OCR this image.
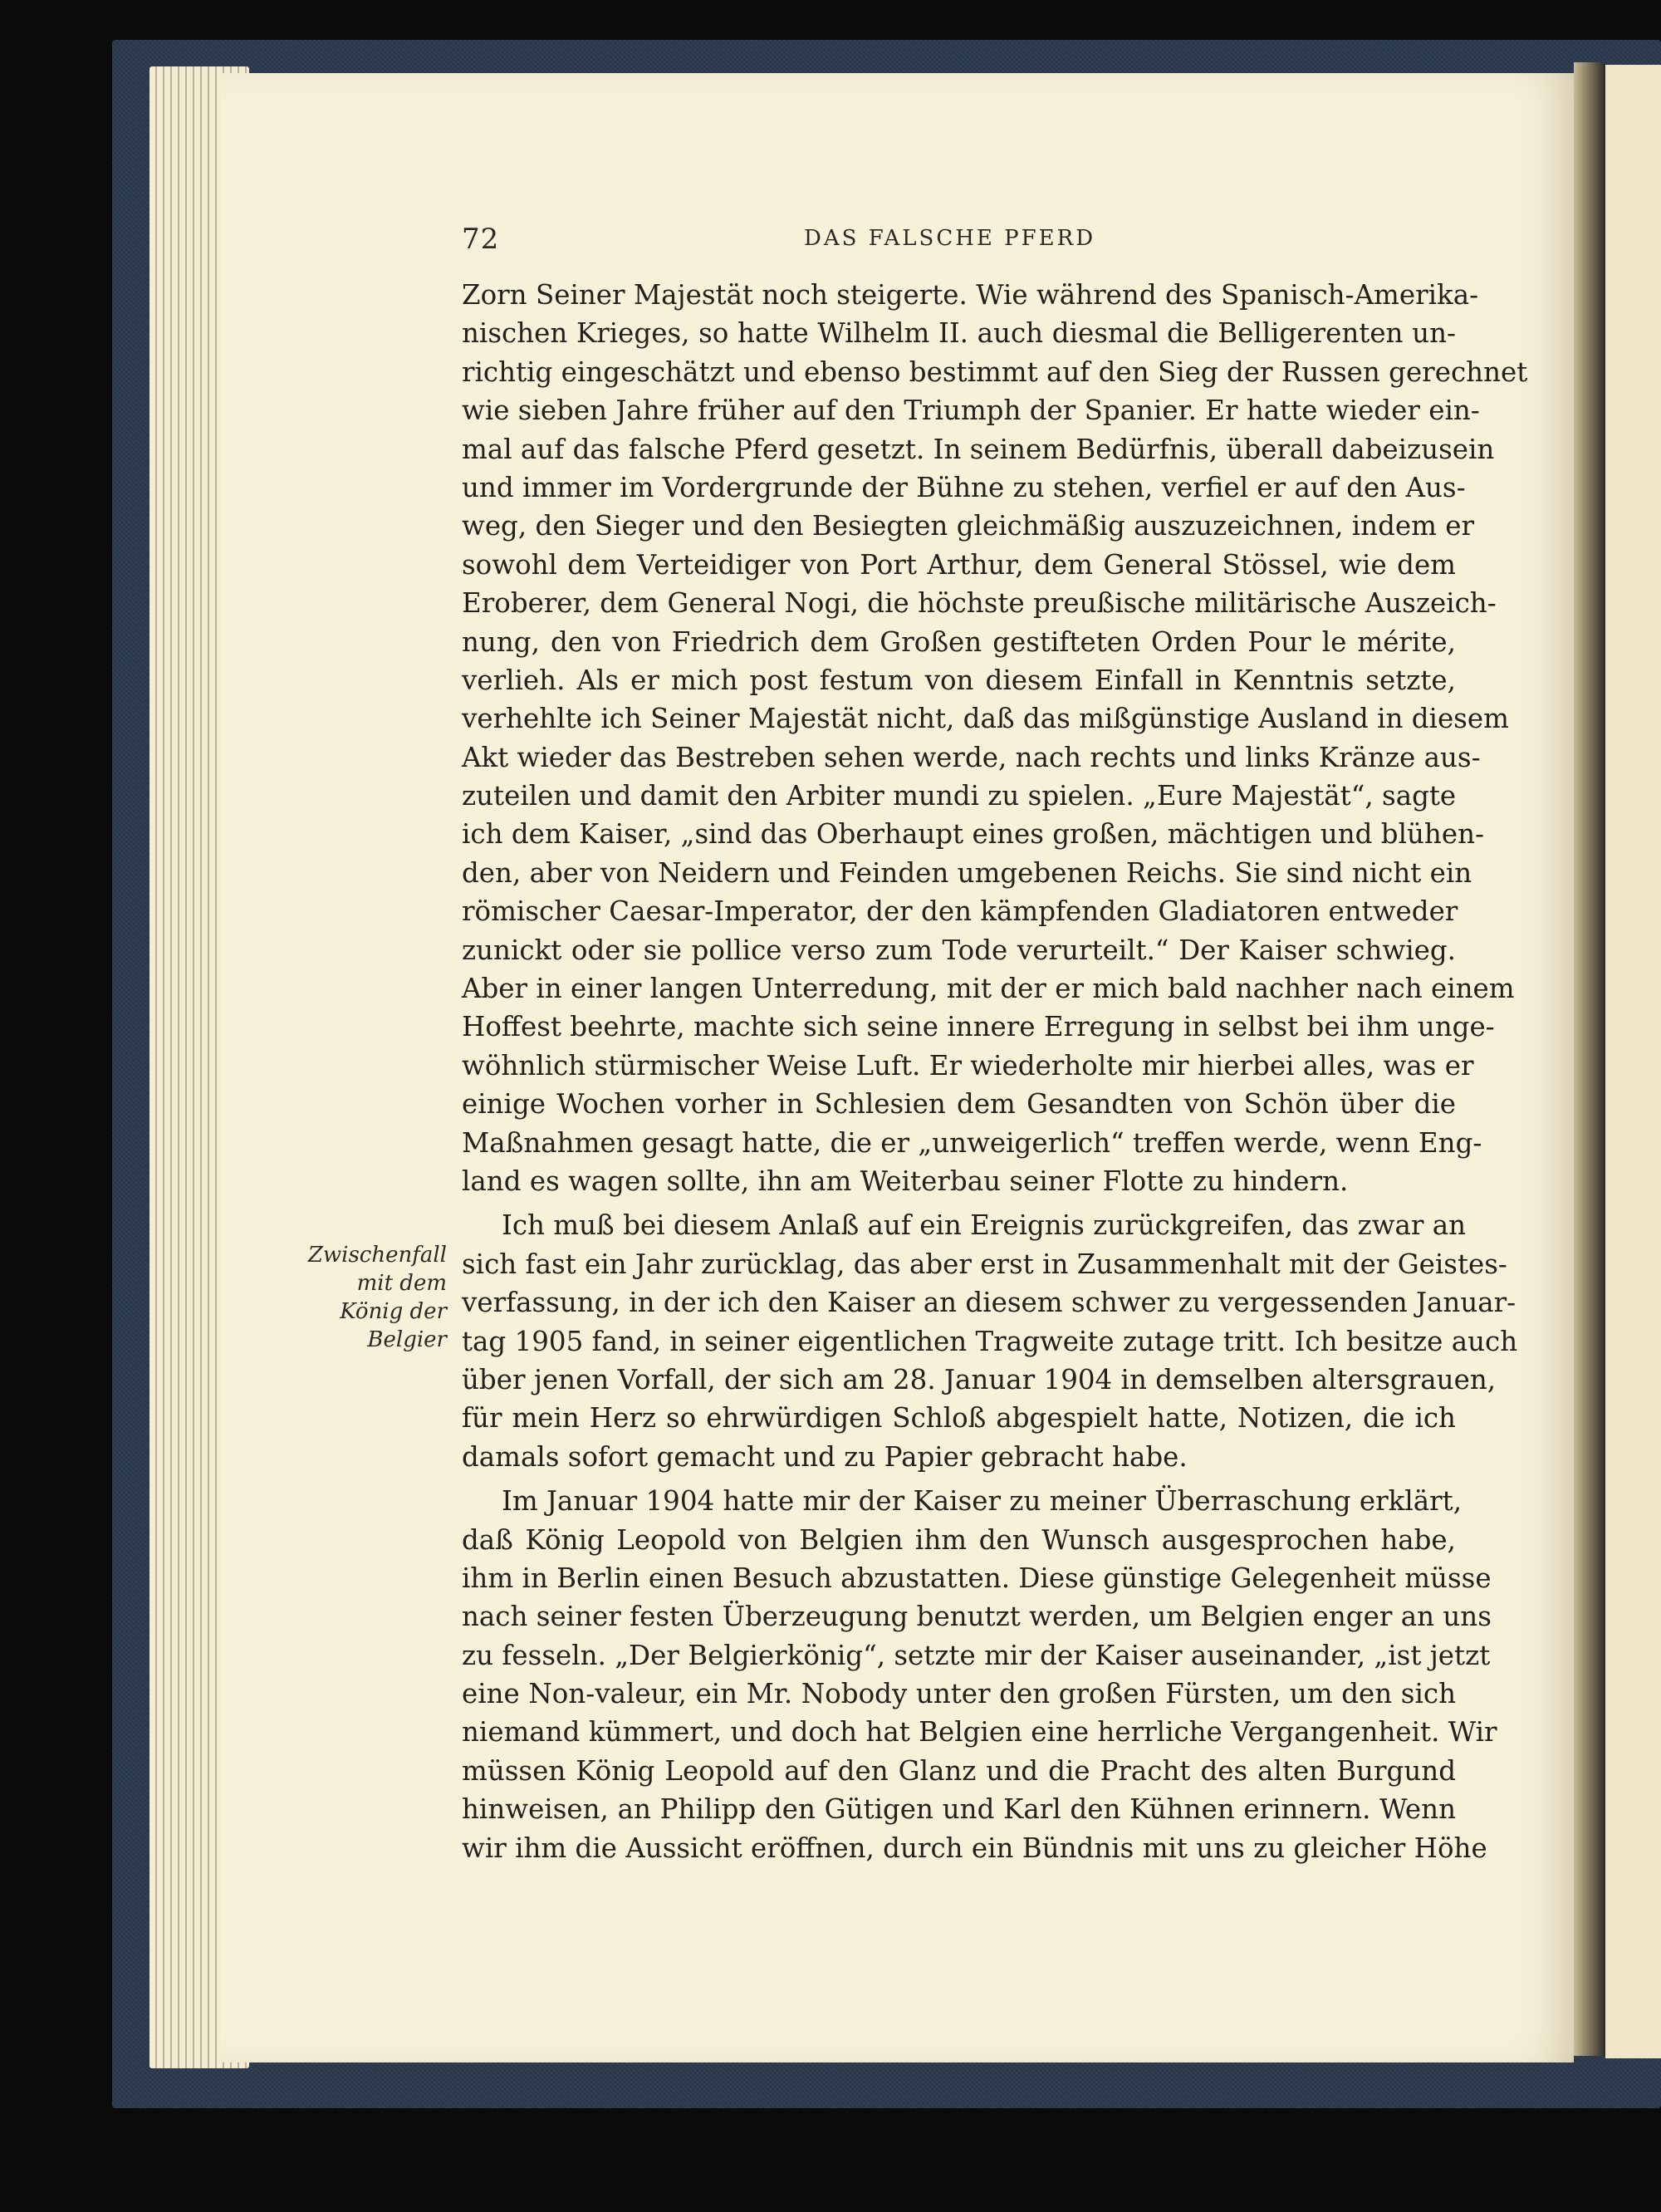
72	DAS FALSCHE PFERD
Zwischenfall
mit dem
König der
Belgier
Zorn Seiner Majestät noch steigerte. Wie während des Spanisch-Amerika-
nischen Krieges, so hatte Wilhelm II. auch diesmal die Belligerenten un-
richtig eingeschätzt und ebenso bestimmt auf den Sieg der Russen gerechnet
wie sieben Jahre früher auf den Triumph der Spanier. Er hatte wieder ein-
mal auf das falsche Pferd gesetzt. In seinem Bedürfnis, überall dabeizusein
und immer im Vordergrunde der Bühne zu stehen, verfiel er auf den Aus-
weg, den Sieger und den Besiegten gleichmäßig auszuzeichnen, indem er
sowohl dem Verteidiger von Port Arthur, dem General Stössel, wie dem
Eroberer, dem General Nogi, die höchste preußische militärische Auszeich-
nung, den von Friedrich dem Großen gestifteten Orden Pour le mérite,
verlieh. Als er mich post festum von diesem Einfall in Kenntnis setzte,
verhehlte ich Seiner Majestät nicht, daß das mißgünstige Ausland in diesem
Akt wieder das Bestreben sehen werde, nach rechts und links Kränze aus-
zuteilen und damit den Arbiter mundi zu spielen. „Eure Majestät“, sagte
ich dem Kaiser, „sind das Oberhaupt eines großen, mächtigen und blühen-
den, aber von Neidern und Feinden umgebenen Reichs. Sie sind nicht ein
römischer Caesar-Imperator, der den kämpfenden Gladiatoren entweder
zunickt oder sie pollice verso zum Tode verurteilt.“ Der Kaiser schwieg.
Aber in einer langen Unterredung, mit der er mich bald nachher nach einem
Hoffest beehrte, machte sich seine innere Erregung in selbst bei ihm unge-
wöhnlich stürmischer Weise Luft. Er wiederholte mir hierbei alles, was er
einige Wochen vorher in Schlesien dem Gesandten von Schön über die
Maßnahmen gesagt hatte, die er „unweigerlich“ treffen werde, wenn Eng-
land es wagen sollte, ihn am Weiterbau seiner Flotte zu hindern.
Ich muß bei diesem Anlaß auf ein Ereignis zurückgreifen, das zwar an
sich fast ein Jahr zurücklag, das aber erst in Zusammenhalt mit der Geistes-
verfassung, in der ich den Kaiser an diesem schwer zu vergessenden Januar-
tag 1905 fand, in seiner eigentlichen Tragweite zutage tritt. Ich besitze auch
über jenen Vorfall, der sich am 28. Januar 1904 in demselben altersgrauen,
für mein Herz so ehrwürdigen Schloß abgespielt hatte, Notizen, die ich
damals sofort gemacht und zu Papier gebracht habe.
Im Januar 1904 hatte mir der Kaiser zu meiner Überraschung erklärt,
daß König Leopold von Belgien ihm den Wunsch ausgesprochen habe,
ihm in Berlin einen Besuch abzustatten. Diese günstige Gelegenheit müsse
nach seiner festen Überzeugung benutzt werden, um Belgien enger an uns
zu fesseln. „Der Belgierkönig“, setzte mir der Kaiser auseinander, „ist jetzt
eine Non-valeur, ein Mr. Nobody unter den großen Fürsten, um den sich
niemand kümmert, und doch hat Belgien eine herrliche Vergangenheit. Wir
müssen König Leopold auf den Glanz und die Pracht des alten Burgund
hinweisen, an Philipp den Gütigen und Karl den Kühnen erinnern. Wenn
wir ihm die Aussicht eröffnen, durch ein Bündnis mit uns zu gleicher Höhe
